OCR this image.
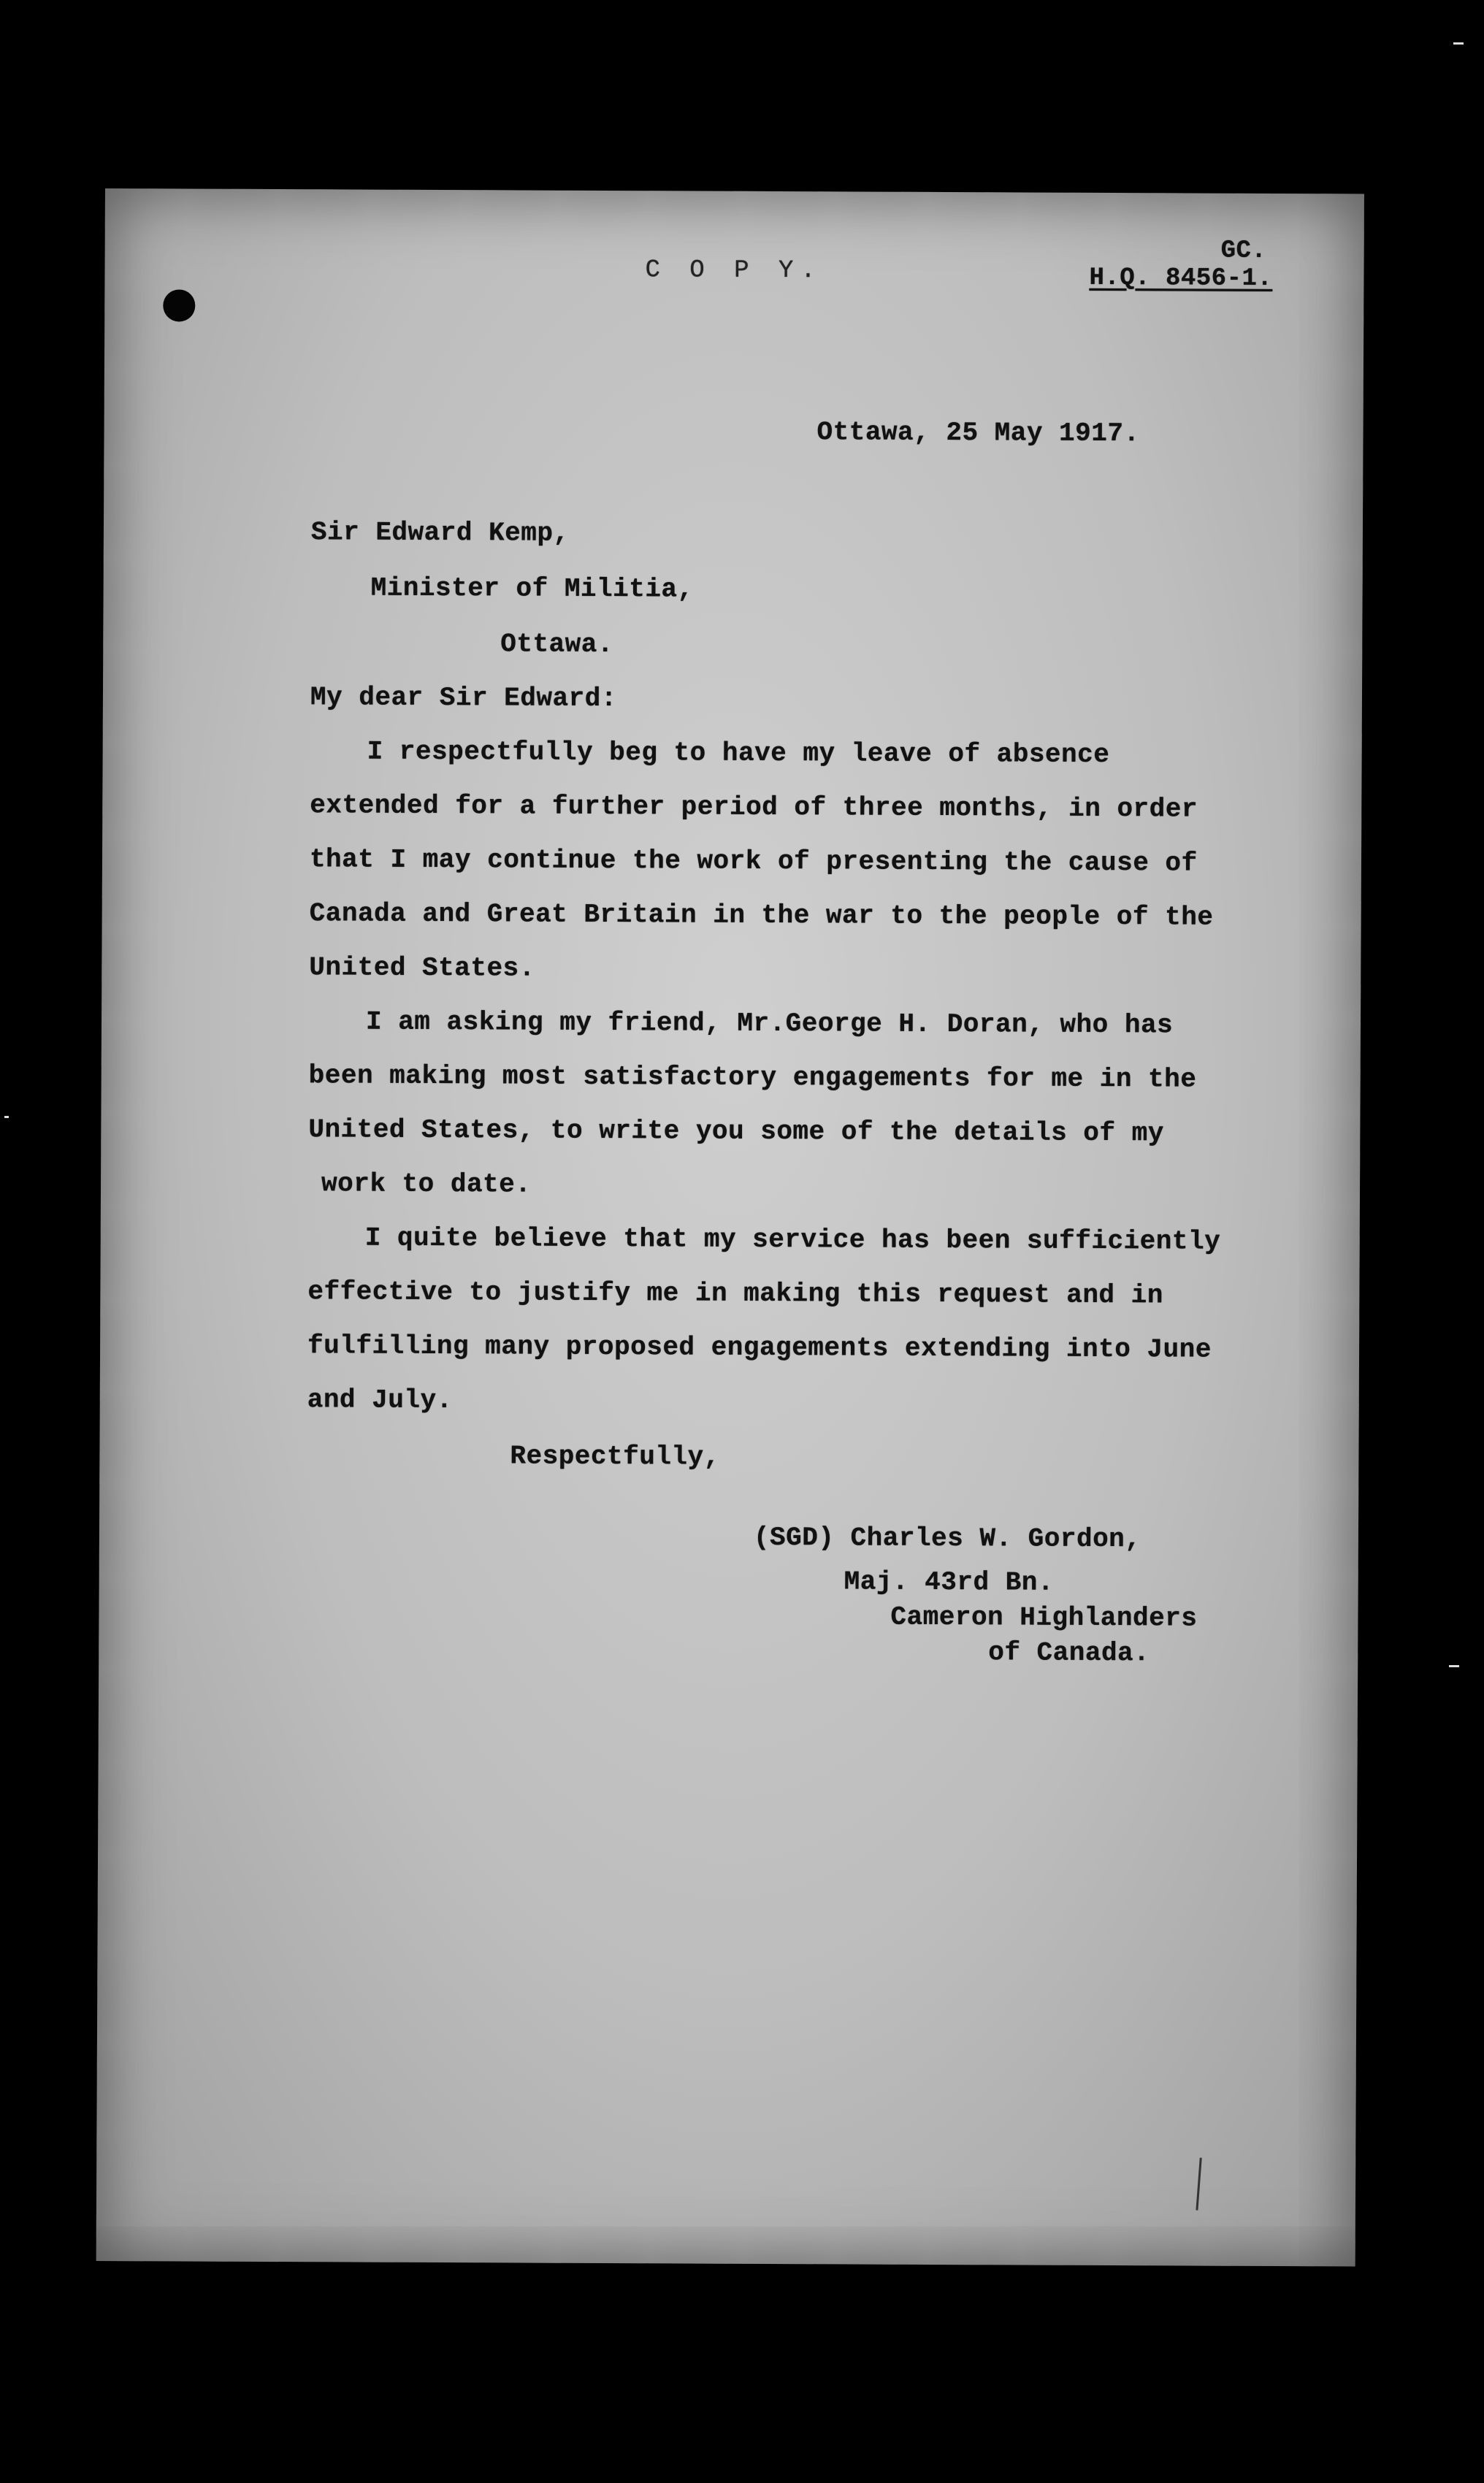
C O P Y.
GC.
H.Q. 8456-1.
Ottawa, 25 May 1917.
Sir Edward Kemp,
Minister of Militia,
Ottawa.
My dear Sir Edward:
I respectfully beg to have my leave of absence
extended for a further period of three months, in order
that I may continue the work of presenting the cause of
Canada and Great Britain in the war to the people of the
United States.
I am asking my friend, Mr.George H. Doran, who has
been making most satisfactory engagements for me in the
United States, to write you some of the details of my
work to date.
I quite believe that my service has been sufficiently
effective to justify me in making this request and in
fulfilling many proposed engagements extending into June
and July.
Respectfully,
(SGD) Charles W. Gordon,
Maj. 43rd Bn.
Cameron Highlanders
of Canada.
